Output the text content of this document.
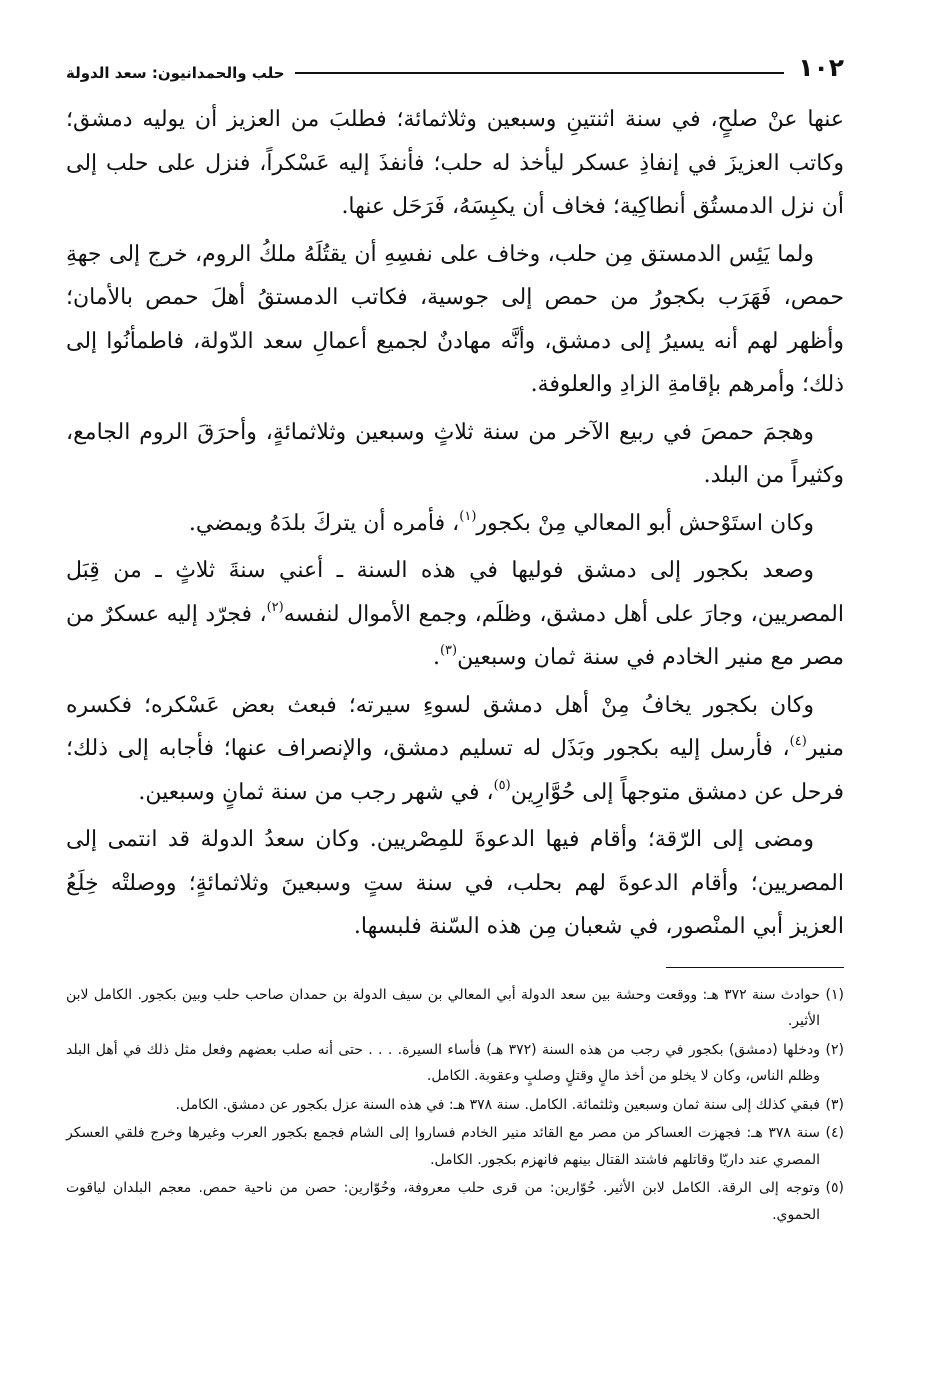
١٠٢
حلب والحمدانيون: سعد الدولة

عنها عنْ صلحٍ، في سنة اثنتينِ وسبعين وثلاثمائة؛ فطلبَ من العزيز أن يوليه دمشق؛ وكاتب العزيزَ في إنفاذِ عسكر ليأخذ له حلب؛ فأنفذَ إليه عَسْكراً، فنزل على حلب إلى أن نزل الدمستُق أنطاكِية؛ فخاف أن يكبِسَهُ، فَرَحَل عنها.

ولما يَئِس الدمستق مِن حلب، وخاف على نفسِهِ أن يقتُلَهُ ملكُ الروم، خرج إلى جهةِ حمص، فَهَرَب بكجورُ من حمص إلى جوسية، فكاتب الدمستقُ أهلَ حمص بالأمان؛ وأظهر لهم أنه يسيرُ إلى دمشق، وأنَّه مهادنٌ لجميع أعمالِ سعد الدّولة، فاطمأنُوا إلى ذلك؛ وأمرهم بإقامةِ الزادِ والعلوفة.

وهجمَ حمصَ في ربيع الآخر من سنة ثلاثٍ وسبعين وثلاثمائةٍ، وأحرَقَ الروم الجامع، وكثيراً من البلد.

وكان استَوْحش أبو المعالي مِنْ بكجور$^{(١)}$، فأمره أن يتركَ بلدَهُ ويمضي.

وصعد بكجور إلى دمشق فوليها في هذه السنة ـ أعني سنةَ ثلاثٍ ـ من قِبَل المصريين، وجارَ على أهل دمشق، وظلَم، وجمع الأموال لنفسه$^{(٢)}$، فجرّد إليه عسكرٌ من مصر مع منير الخادم في سنة ثمان وسبعين$^{(٣)}$.

وكان بكجور يخافُ مِنْ أهل دمشق لسوءِ سيرته؛ فبعث بعض عَسْكره؛ فكسره منير$^{(٤)}$، فأرسل إليه بكجور وبَذَل له تسليم دمشق، والإنصراف عنها؛ فأجابه إلى ذلك؛ فرحل عن دمشق متوجهاً إلى حُوَّارِين$^{(٥)}$، في شهر رجب من سنة ثمانٍ وسبعين.

ومضى إلى الرّقة؛ وأقام فيها الدعوةَ للمِصْريين. وكان سعدُ الدولة قد انتمى إلى المصريين؛ وأقام الدعوةَ لهم بحلب، في سنة ستٍ وسبعينَ وثلاثمائةٍ؛ ووصلتْه خِلَعُ العزيز أبي المنْصور، في شعبان مِن هذه السّنة فلبسها.

(١)
حوادث سنة ٣٧٢ هـ: ووقعت وحشة بين سعد الدولة أبي المعالي بن سيف الدولة بن حمدان صاحب حلب وبين بكجور. الكامل لابن الأثير.

(٢)
ودخلها (دمشق) بكجور في رجب من هذه السنة (٣٧٢ هـ) فأساء السيرة. . . . حتى أنه صلب بعضهم وفعل مثل ذلك في أهل البلد وظلم الناس، وكان لا يخلو من أخذ مالٍ وقتلٍ وصلبٍ وعقوبة. الكامل.

(٣)
فبقي كذلك إلى سنة ثمان وسبعين وثلثمائة. الكامل. سنة ٣٧٨ هـ: في هذه السنة عزل بكجور عن دمشق. الكامل.

(٤)
سنة ٣٧٨ هـ: فجهزت العساكر من مصر مع القائد منير الخادم فساروا إلى الشام فجمع بكجور العرب وغيرها وخرج فلقي العسكر المصري عند داريّا وقاتلهم فاشتد القتال بينهم فانهزم بكجور. الكامل.

(٥)
وتوجه إلى الرقة. الكامل لابن الأثير. حُوّارين: من قرى حلب معروفة، وحُوّارين: حصن من ناحية حمص. معجم البلدان لياقوت الحموي.
